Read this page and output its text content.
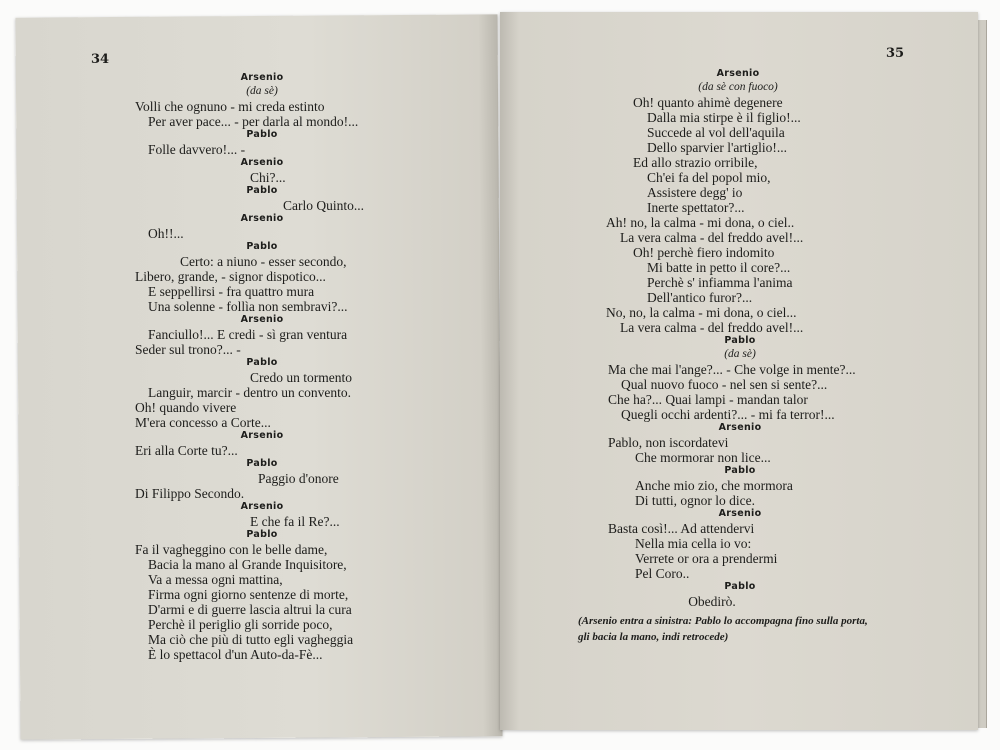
34
Arsenio
(da sè)
Volli che ognuno - mi creda estinto
Per aver pace... - per darla al mondo!...
Pablo
Folle davvero!... -
Arsenio
Chi?...
Pablo
Carlo Quinto...
Arsenio
Oh!!...
Pablo
Certo: a niuno - esser secondo,
Libero, grande, - signor dispotico...
E seppellirsi - fra quattro mura
Una solenne - follìa non sembravi?...
Arsenio
Fanciullo!... E credi - sì gran ventura
Seder sul trono?... -
Pablo
Credo un tormento
Languir, marcir - dentro un convento.
Oh! quando vivere
M'era concesso a Corte...
Arsenio
Eri alla Corte tu?...
Pablo
Paggio d'onore
Di Filippo Secondo.
Arsenio
E che fa il Re?...
Pablo
Fa il vagheggino con le belle dame,
Bacia la mano al Grande Inquisitore,
Va a messa ogni mattina,
Firma ogni giorno sentenze di morte,
D'armi e di guerre lascia altrui la cura
Perchè il periglio gli sorride poco,
Ma ciò che più di tutto egli vagheggia
È lo spettacol d'un Auto-da-Fè...
35
Arsenio
(da sè con fuoco)
Oh! quanto ahimè degenere
Dalla mia stirpe è il figlio!...
Succede al vol dell'aquila
Dello sparvier l'artiglio!...
Ed allo strazio orribile,
Ch'ei fa del popol mio,
Assistere degg' io
Inerte spettator?...
Ah! no, la calma - mi dona, o ciel..
La vera calma - del freddo avel!...
Oh! perchè fiero indomito
Mi batte in petto il core?...
Perchè s' infiamma l'anima
Dell'antico furor?...
No, no, la calma - mi dona, o ciel...
La vera calma - del freddo avel!...
Pablo
(da sè)
Ma che mai l'ange?... - Che volge in mente?...
Qual nuovo fuoco - nel sen si sente?...
Che ha?... Quai lampi - mandan talor
Quegli occhi ardenti?... - mi fa terror!...
Arsenio
Pablo, non iscordatevi
Che mormorar non lice...
Pablo
Anche mio zio, che mormora
Di tutti, ognor lo dice.
Arsenio
Basta così!... Ad attendervi
Nella mia cella io vo:
Verrete or ora a prendermi
Pel Coro..
Pablo
Obedirò.
(Arsenio entra a sinistra: Pablo lo accompagna fino sulla porta,
gli bacia la mano, indi retrocede)
